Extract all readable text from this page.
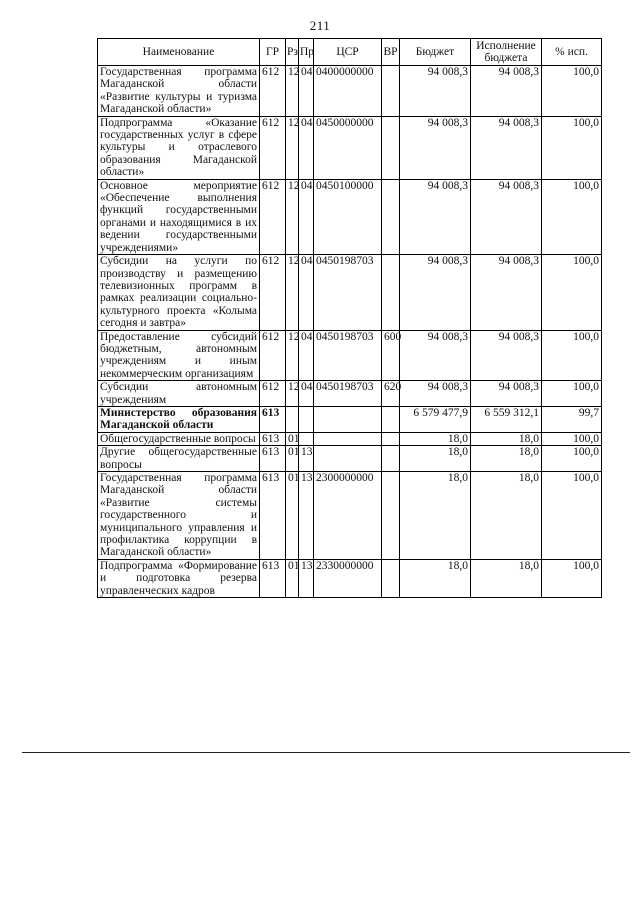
211
Наименование	ГР	Рз	Пр	ЦСР	ВР	Бюджет	Исполнение бюджета	% исп.
Государственная программа Магаданской области «Развитие культуры и туризма Магаданской области»	612	12	04	0400000000		94 008,3	94 008,3	100,0
Подпрограмма «Оказание государственных услуг в сфере культуры и отраслевого образования Магаданской области»	612	12	04	0450000000		94 008,3	94 008,3	100,0
Основное мероприятие «Обеспечение выполнения функций государственными органами и находящимися в их ведении государственными учреждениями»	612	12	04	0450100000		94 008,3	94 008,3	100,0
Субсидии на услуги по производству и размещению телевизионных программ в рамках реализации социально-культурного проекта «Колыма сегодня и завтра»	612	12	04	0450198703		94 008,3	94 008,3	100,0
Предоставление субсидий бюджетным, автономным учреждениям и иным некоммерческим организациям	612	12	04	0450198703	600	94 008,3	94 008,3	100,0
Субсидии автономным учреждениям	612	12	04	0450198703	620	94 008,3	94 008,3	100,0
Министерство образования Магаданской области	613					6 579 477,9	6 559 312,1	99,7
Общегосударственные вопросы	613	01				18,0	18,0	100,0
Другие общегосударственные вопросы	613	01	13			18,0	18,0	100,0
Государственная программа Магаданской области «Развитие системы государственного и муниципального управления и профилактика коррупции в Магаданской области»	613	01	13	2300000000		18,0	18,0	100,0
Подпрограмма «Формирование и подготовка резерва управленческих кадров	613	01	13	2330000000		18,0	18,0	100,0
